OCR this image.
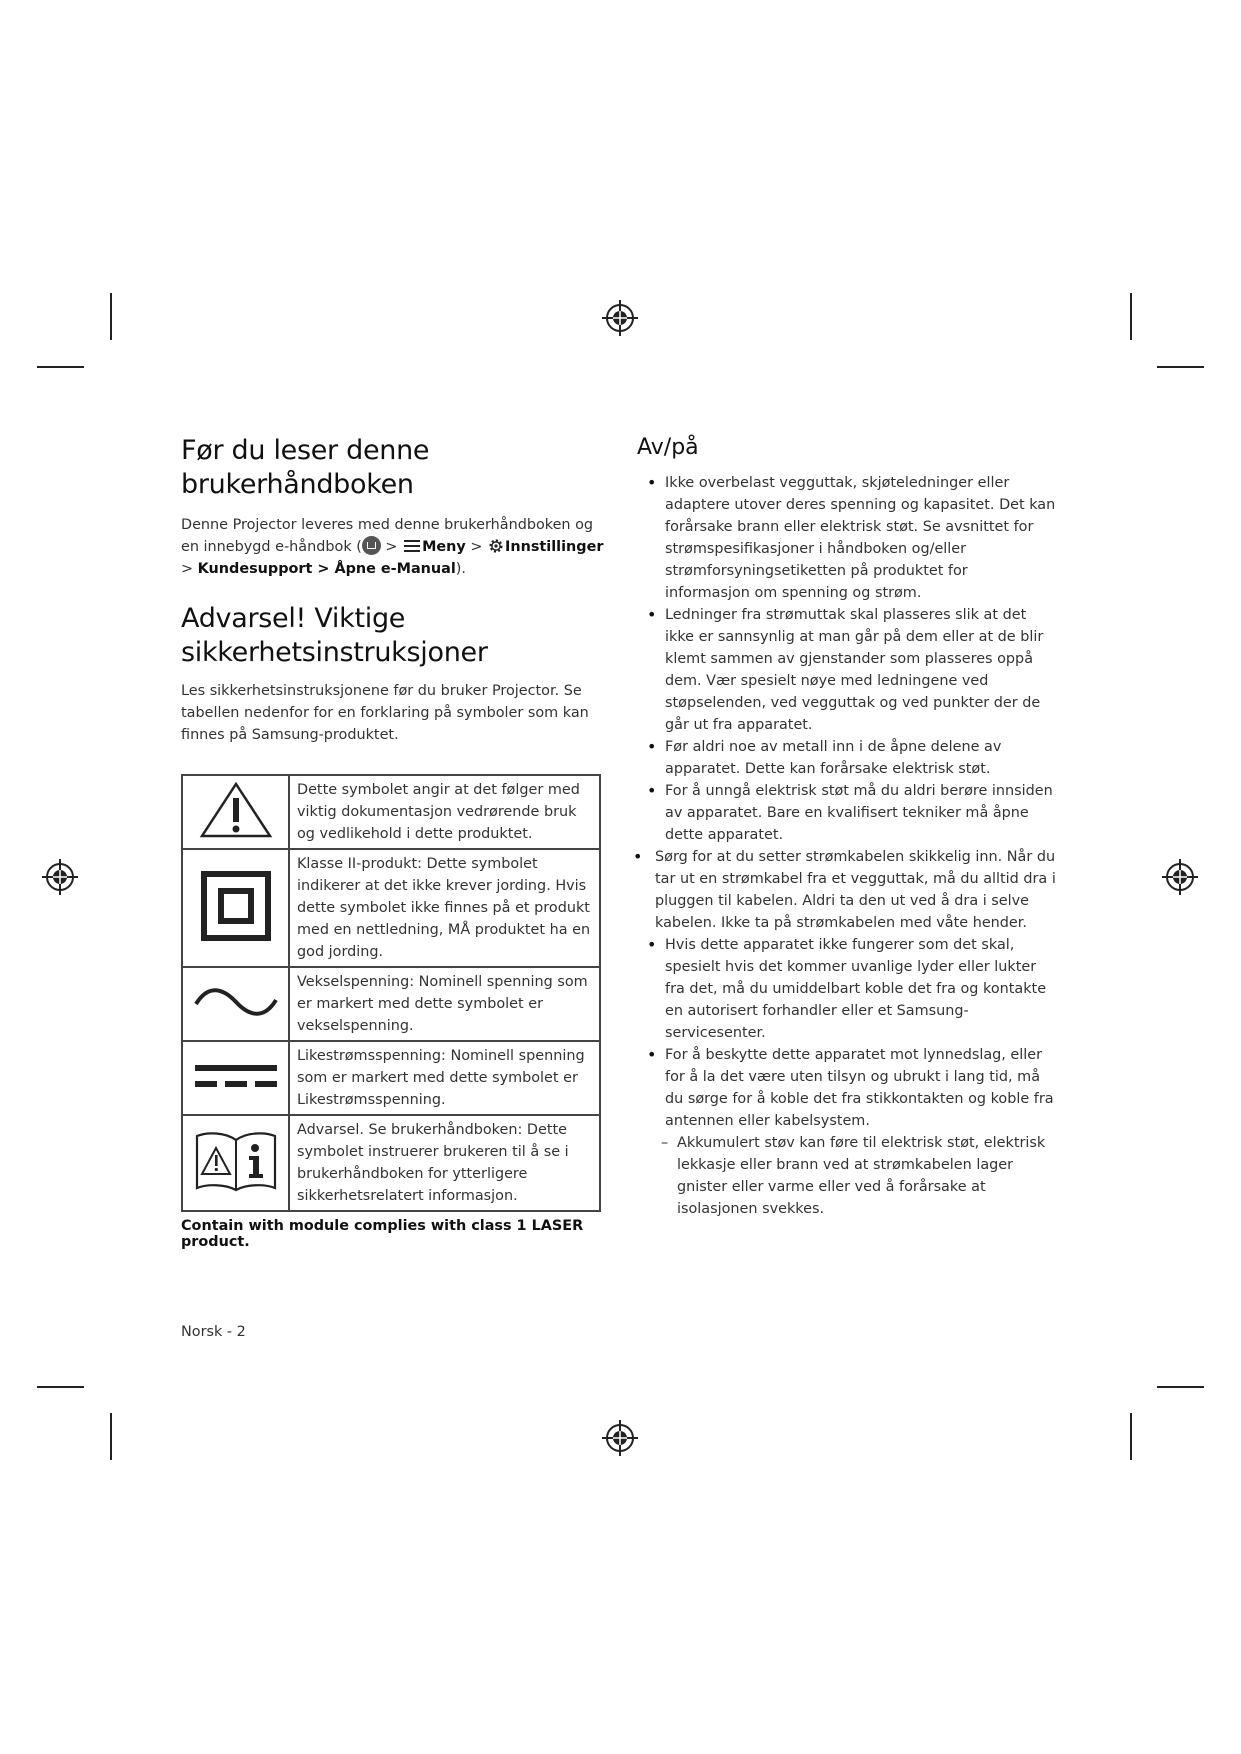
Før du leser denne brukerhåndboken

Denne Projector leveres med denne brukerhåndboken og en innebygd e-håndbok ( > Meny > Innstillinger > Kundesupport > Åpne e-Manual).

Advarsel! Viktige sikkerhetsinstruksjoner

Les sikkerhetsinstruksjonene før du bruker Projector. Se tabellen nedenfor for en forklaring på symboler som kan finnes på Samsung-produktet.

	Dette symbolet angir at det følger med viktig dokumentasjon vedrørende bruk og vedlikehold i dette produktet.
	Klasse II-produkt: Dette symbolet indikerer at det ikke krever jording. Hvis dette symbolet ikke finnes på et produkt med en nettledning, MÅ produktet ha en god jording.
	Vekselspenning: Nominell spenning som er markert med dette symbolet er vekselspenning.
	Likestrømsspenning: Nominell spenning som er markert med dette symbolet er Likestrømsspenning.
	Advarsel. Se brukerhåndboken: Dette symbolet instruerer brukeren til å se i brukerhåndboken for ytterligere sikkerhetsrelatert informasjon.
Contain with module complies with class 1 LASER product.
Av/på
• Ikke overbelast vegguttak, skjøteledninger eller adaptere utover deres spenning og kapasitet. Det kan forårsake brann eller elektrisk støt. Se avsnittet for strømspesifikasjoner i håndboken og/eller strømforsyningsetiketten på produktet for informasjon om spenning og strøm.
• Ledninger fra strømuttak skal plasseres slik at det ikke er sannsynlig at man går på dem eller at de blir klemt sammen av gjenstander som plasseres oppå dem. Vær spesielt nøye med ledningene ved støpselenden, ved vegguttak og ved punkter der de går ut fra apparatet.
• Før aldri noe av metall inn i de åpne delene av apparatet. Dette kan forårsake elektrisk støt.
• For å unngå elektrisk støt må du aldri berøre innsiden av apparatet. Bare en kvalifisert tekniker må åpne dette apparatet.
• Sørg for at du setter strømkabelen skikkelig inn. Når du tar ut en strømkabel fra et vegguttak, må du alltid dra i pluggen til kabelen. Aldri ta den ut ved å dra i selve kabelen. Ikke ta på strømkabelen med våte hender.
• Hvis dette apparatet ikke fungerer som det skal, spesielt hvis det kommer uvanlige lyder eller lukter fra det, må du umiddelbart koble det fra og kontakte en autorisert forhandler eller et Samsung-servicesenter.
• For å beskytte dette apparatet mot lynnedslag, eller for å la det være uten tilsyn og ubrukt i lang tid, må du sørge for å koble det fra stikkontakten og koble fra antennen eller kabelsystem.
– Akkumulert støv kan føre til elektrisk støt, elektrisk lekkasje eller brann ved at strømkabelen lager gnister eller varme eller ved å forårsake at isolasjonen svekkes.
Norsk - 2
